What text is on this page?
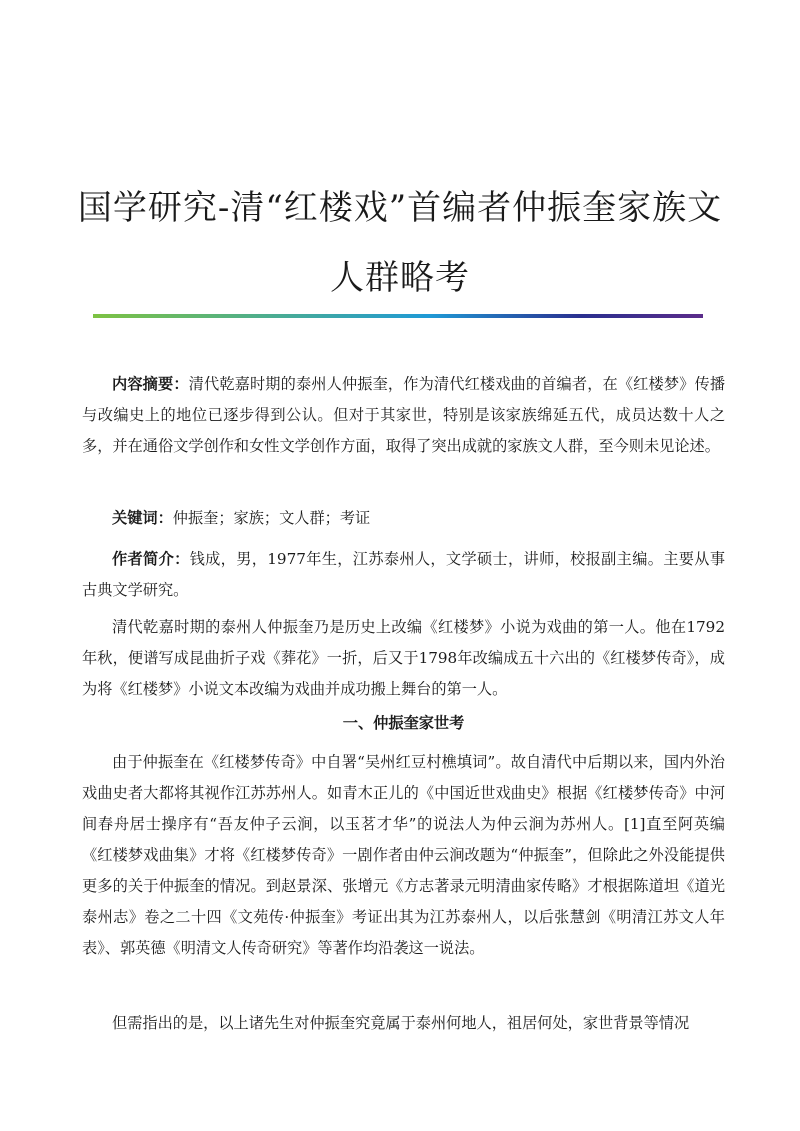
国学研究-清“红楼戏”首编者仲振奎家族文
人群略考

内容摘要：清代乾嘉时期的泰州人仲振奎，作为清代红楼戏曲的首编者，在《红楼梦》传播与改编史上的地位已逐步得到公认。但对于其家世，特别是该家族绵延五代，成员达数十人之多，并在通俗文学创作和女性文学创作方面，取得了突出成就的家族文人群，至今则未见论述。

关键词：仲振奎；家族；文人群；考证

作者简介：钱成，男，1977年生，江苏泰州人，文学硕士，讲师，校报副主编。主要从事古典文学研究。

清代乾嘉时期的泰州人仲振奎乃是历史上改编《红楼梦》小说为戏曲的第一人。他在1792年秋，便谱写成昆曲折子戏《葬花》一折，后又于1798年改编成五十六出的《红楼梦传奇》，成为将《红楼梦》小说文本改编为戏曲并成功搬上舞台的第一人。

一、仲振奎家世考

由于仲振奎在《红楼梦传奇》中自署“吴州红豆村樵填词”。故自清代中后期以来，国内外治戏曲史者大都将其视作江苏苏州人。如青木正儿的《中国近世戏曲史》根据《红楼梦传奇》中河间春舟居士操序有“吾友仲子云涧，以玉茗才华”的说法人为仲云涧为苏州人。[1]直至阿英编《红楼梦戏曲集》才将《红楼梦传奇》一剧作者由仲云涧改题为“仲振奎”，但除此之外没能提供更多的关于仲振奎的情况。到赵景深、张增元《方志著录元明清曲家传略》才根据陈道坦《道光泰州志》卷之二十四《文苑传·仲振奎》考证出其为江苏泰州人，以后张慧剑《明清江苏文人年表》、郭英德《明清文人传奇研究》等著作均沿袭这一说法。

但需指出的是，以上诸先生对仲振奎究竟属于泰州何地人，祖居何处，家世背景等情况
